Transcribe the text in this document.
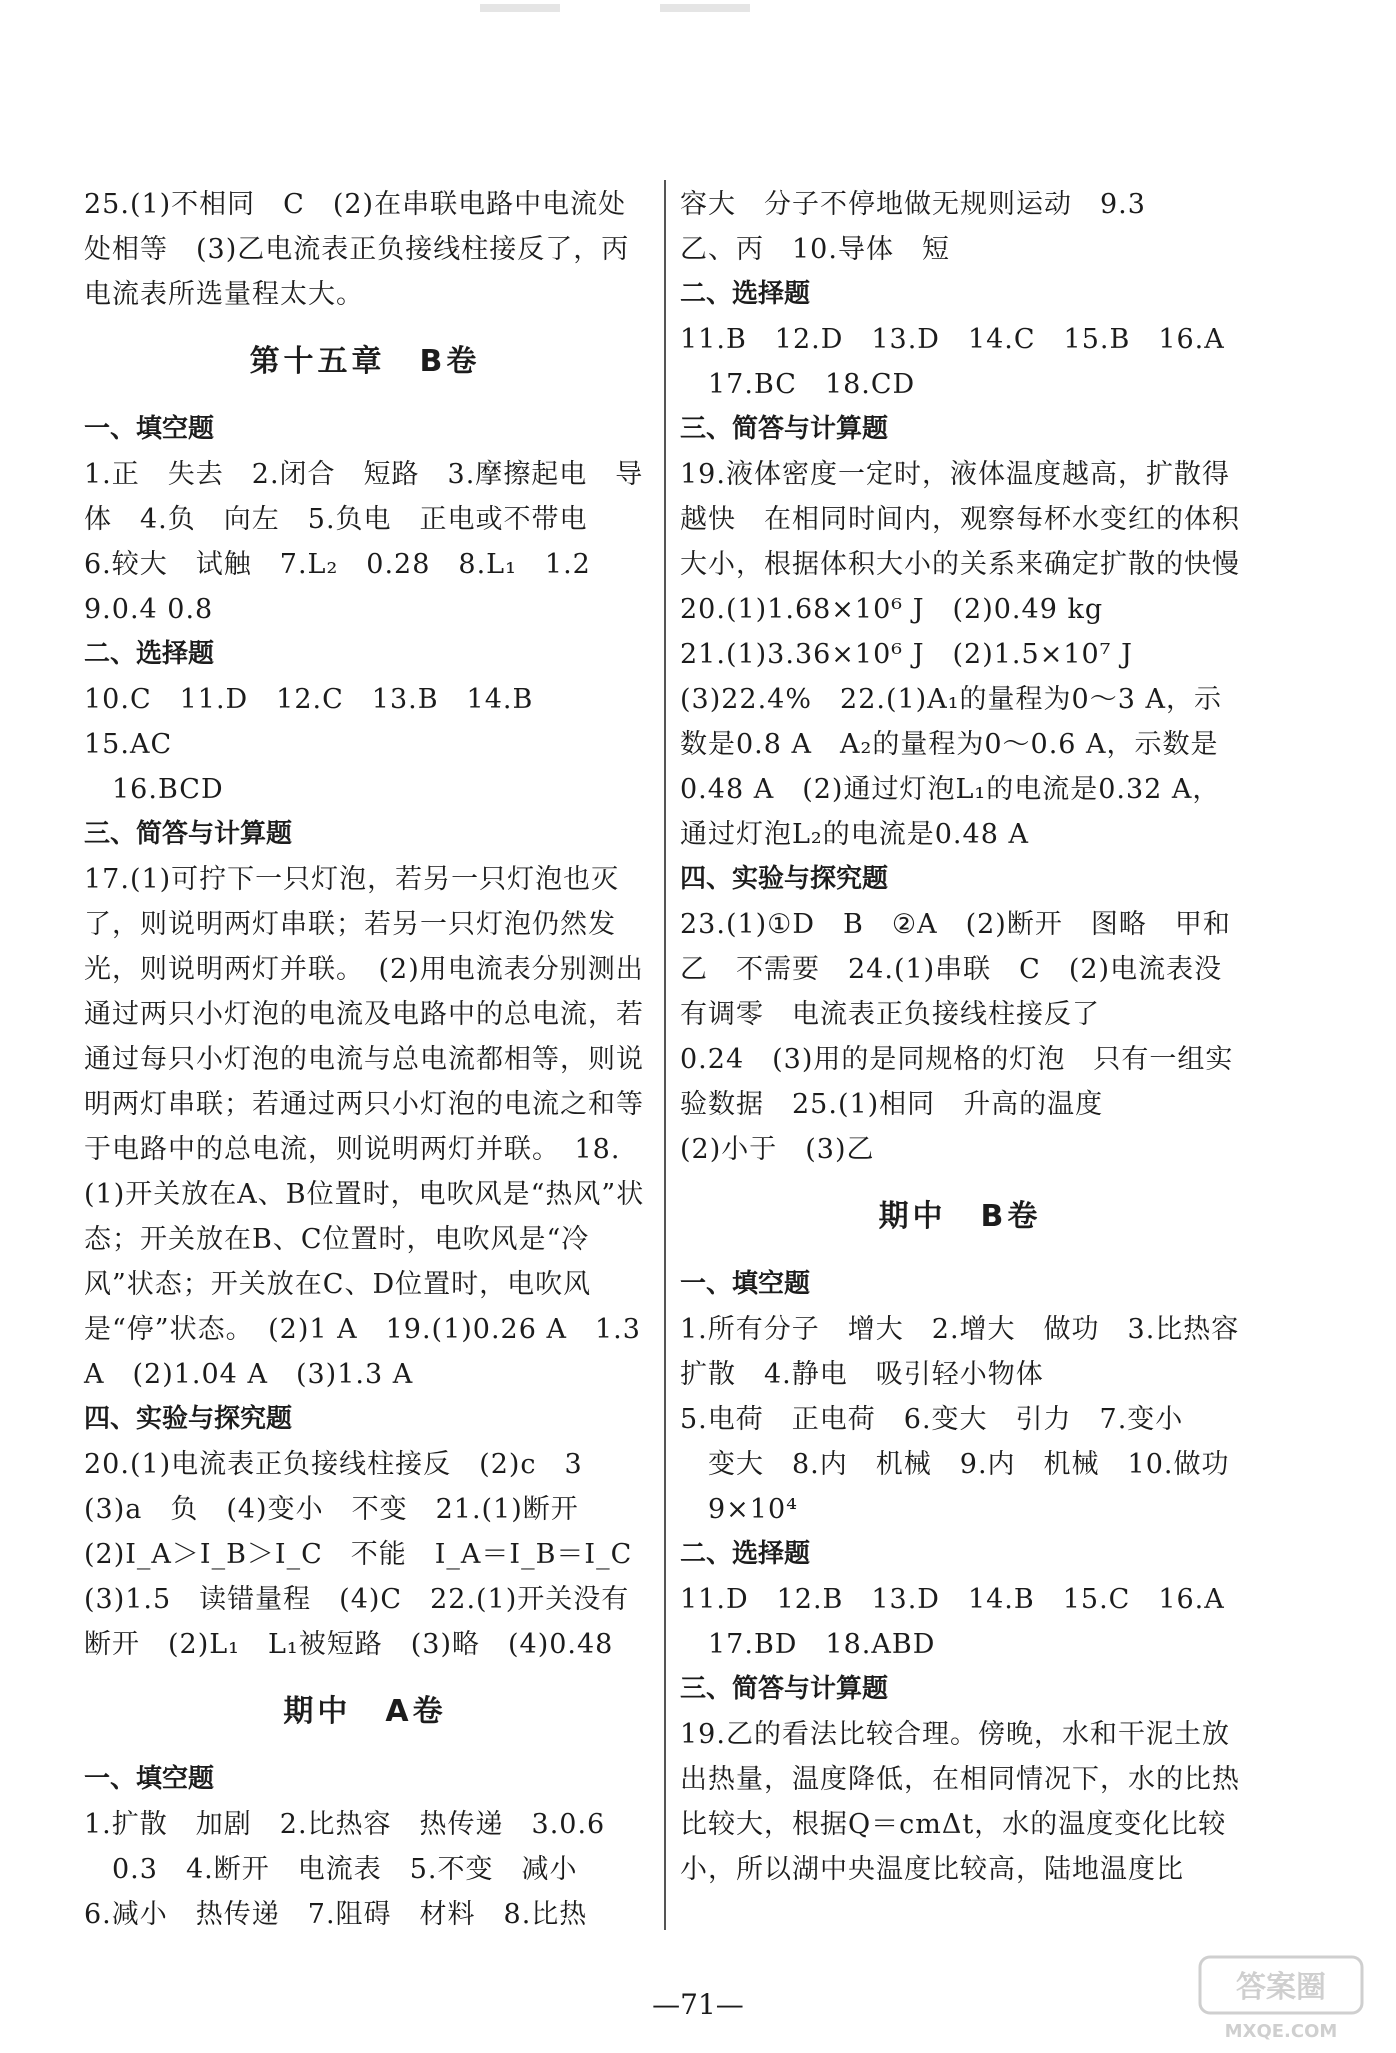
25.(1)不相同　C　(2)在串联电路中电流处处相等　(3)乙电流表正负接线柱接反了，丙电流表所选量程太大。

第十五章　B卷

一、填空题

1.正　失去　2.闭合　短路　3.摩擦起电　导体　4.负　向左　5.负电　正电或不带电

6.较大　试触　7.L₂　0.28　8.L₁　1.2

9.0.4 0.8

二、选择题

10.C　11.D　12.C　13.B　14.B　15.AC

16.BCD

三、简答与计算题

17.(1)可拧下一只灯泡，若另一只灯泡也灭了，则说明两灯串联；若另一只灯泡仍然发光，则说明两灯并联。　(2)用电流表分别测出通过两只小灯泡的电流及电路中的总电流，若通过每只小灯泡的电流与总电流都相等，则说明两灯串联；若通过两只小灯泡的电流之和等于电路中的总电流，则说明两灯并联。　18.(1)开关放在A、B位置时，电吹风是“热风”状态；开关放在B、C位置时，电吹风是“冷风”状态；开关放在C、D位置时，电吹风是“停”状态。　(2)1 A　19.(1)0.26 A　1.3 A　(2)1.04 A　(3)1.3 A

四、实验与探究题

20.(1)电流表正负接线柱接反　(2)c　3

(3)a　负　(4)变小　不变　21.(1)断开

(2)I_A＞I_B＞I_C　不能　I_A＝I_B＝I_C

(3)1.5　读错量程　(4)C　22.(1)开关没有断开　(2)L₁　L₁被短路　(3)略　(4)0.48

期中　A卷

一、填空题

1.扩散　加剧　2.比热容　热传递　3.0.6

0.3　4.断开　电流表　5.不变　减小

6.减小　热传递　7.阻碍　材料　8.比热

容大　分子不停地做无规则运动　9.3

乙、丙　10.导体　短

二、选择题

11.B　12.D　13.D　14.C　15.B　16.A

17.BC　18.CD

三、简答与计算题

19.液体密度一定时，液体温度越高，扩散得越快　在相同时间内，观察每杯水变红的体积大小，根据体积大小的关系来确定扩散的快慢

20.(1)1.68×10⁶ J　(2)0.49 kg

21.(1)3.36×10⁶ J　(2)1.5×10⁷ J

(3)22.4%　22.(1)A₁的量程为0～3 A，示数是0.8 A　A₂的量程为0～0.6 A，示数是0.48 A　(2)通过灯泡L₁的电流是0.32 A，通过灯泡L₂的电流是0.48 A

四、实验与探究题

23.(1)①D　B　②A　(2)断开　图略　甲和乙　不需要　24.(1)串联　C　(2)电流表没有调零　电流表正负接线柱接反了

0.24　(3)用的是同规格的灯泡　只有一组实验数据　25.(1)相同　升高的温度

(2)小于　(3)乙

期中　B卷

一、填空题

1.所有分子　增大　2.增大　做功　3.比热容　扩散　4.静电　吸引轻小物体

5.电荷　正电荷　6.变大　引力　7.变小

变大　8.内　机械　9.内　机械　10.做功　9×10⁴

二、选择题

11.D　12.B　13.D　14.B　15.C　16.A

17.BD　18.ABD

三、简答与计算题

19.乙的看法比较合理。傍晚，水和干泥土放出热量，温度降低，在相同情况下，水的比热比较大，根据Q＝cmΔt，水的温度变化比较小，所以湖中央温度比较高，陆地温度比

—71—	答案圈
MXQE.COM
